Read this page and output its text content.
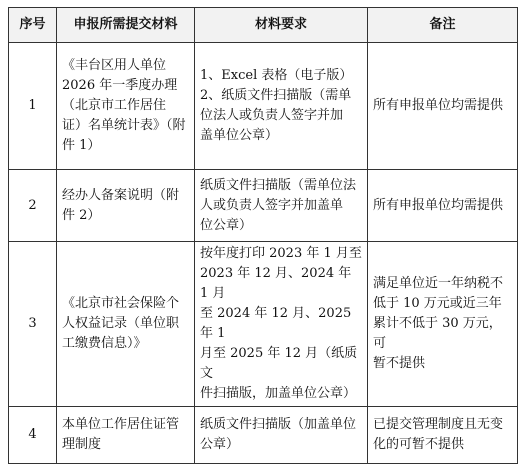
序号	申报所需提交材料	材料要求	备注
1	《丰台区用人单位
2026 年一季度办理
（北京市工作居住
证）名单统计表》（附
件 1）	1、Excel 表格（电子版）
2、纸质文件扫描版（需单
位法人或负责人签字并加
盖单位公章）	所有申报单位均需提供
2	经办人备案说明（附
件 2）	纸质文件扫描版（需单位法
人或负责人签字并加盖单
位公章）	所有申报单位均需提供
3	《北京市社会保险个
人权益记录（单位职
工缴费信息）》	按年度打印 2023 年 1 月至
2023 年 12 月、2024 年 1 月
至 2024 年 12 月、2025 年 1
月至 2025 年 12 月（纸质文
件扫描版，加盖单位公章）	满足单位近一年纳税不
低于 10 万元或近三年
累计不低于 30 万元，可
暂不提供
4	本单位工作居住证管
理制度	纸质文件扫描版（加盖单位
公章）	已提交管理制度且无变
化的可暂不提供
